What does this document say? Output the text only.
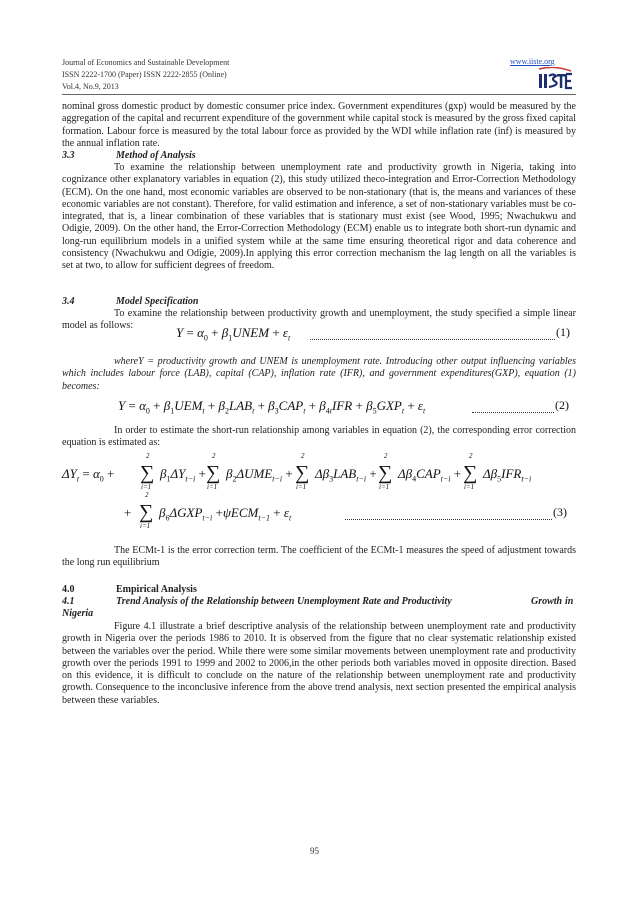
Journal of Economics and Sustainable Development
ISSN 2222-1700 (Paper) ISSN 2222-2855 (Online)
Vol.4, No.9, 2013
www.iiste.org

nominal gross domestic product by domestic consumer price index. Government expenditures (gxp) would be measured by the aggregation of the capital and recurrent expenditure of the government while capital stock is measured by the gross fixed capital formation. Labour force is measured by the total labour force as provided by the WDI while inflation rate (inf) is measured by the annual inflation rate.

3.3	Method of Analysis

To examine the relationship between unemployment rate and productivity growth in Nigeria, taking into cognizance other explanatory variables in equation (2), this study utilized theco-integration and Error-Correction Methodology (ECM). On the one hand, most economic variables are observed to be non-stationary (that is, the means and variances of these economic variables are not constant). Therefore, for valid estimation and inference, a set of non-stationary variables must be co-integrated, that is, a linear combination of these variables that is stationary must exist (see Wood, 1995; Nwachukwu and Odigie, 2009). On the other hand, the Error-Correction Methodology (ECM) enable us to integrate both short-run dynamic and long-run equilibrium models in a unified system while at the same time ensuring theoretical rigor and data coherence and consistency (Nwachukwu and Odigie, 2009).In applying this error correction mechanism the lag length on all the variables is set at two, to allow for sufficient degrees of freedom.

3.4	Model Specification

To examine the relationship between productivity growth and unemployment, the study specified a simple linear model as follows:	$Y = \alpha_0$ + $\beta_1UNEM + \varepsilon_t$	(1)

whereY = productivity growth and UNEM is unemployment rate. Introducing other output influencing variables which includes labour force (LAB), capital (CAP), inflation rate (IFR), and government expenditures(GXP), equation (1) becomes:

$Y = \alpha_0 + \beta_1UEM_t + \beta_2LAB_t + \beta_3CAP_t + \beta_{4t}IFR + \beta_5GXP_t + \varepsilon_t$	(2)

In order to estimate the short-run relationship among variables in equation (2), the corresponding error correction equation is estimated as:

$\Delta Y_t = \alpha_0$ +
2
∑
i=1
$\beta_1\Delta Y_{t-i}$ +
2
∑
i=1
$\beta_2\Delta UME_{t-i}$ +
2
∑
i=1
$\Delta\beta_3LAB_{t-i}$ +
2
∑
i=1
$\Delta\beta_4CAP_{t-i}$ +
2
∑
i=1
$\Delta\beta_5IFR_{t-i}$
+
2
∑
i=1
$\beta_6\Delta GXP_{t-i} +\psi ECM_{t-1} + \varepsilon_t$	(3)

The ECMt-1 is the error correction term. The coefficient of the ECMt-1 measures the speed of adjustment towards the long run equilibrium

4.0	Empirical Analysis
4.1	Trend Analysis of the Relationship between Unemployment Rate and Productivity	Growth in
Nigeria

Figure 4.1 illustrate a brief descriptive analysis of the relationship between unemployment rate and productivity growth in Nigeria over the periods 1986 to 2010. It is observed from the figure that no clear systematic relationship existed between the variables over the period. While there were some similar movements between unemployment rate and productivity growth over the periods 1991 to 1999 and 2002 to 2006,in the other periods both variables moved in opposite direction. Based on this evidence, it is difficult to conclude on the nature of the relationship between unemployment rate and productivity growth. Consequence to the inconclusive inference from the above trend analysis, next section presented the empirical analysis between these variables.

95
